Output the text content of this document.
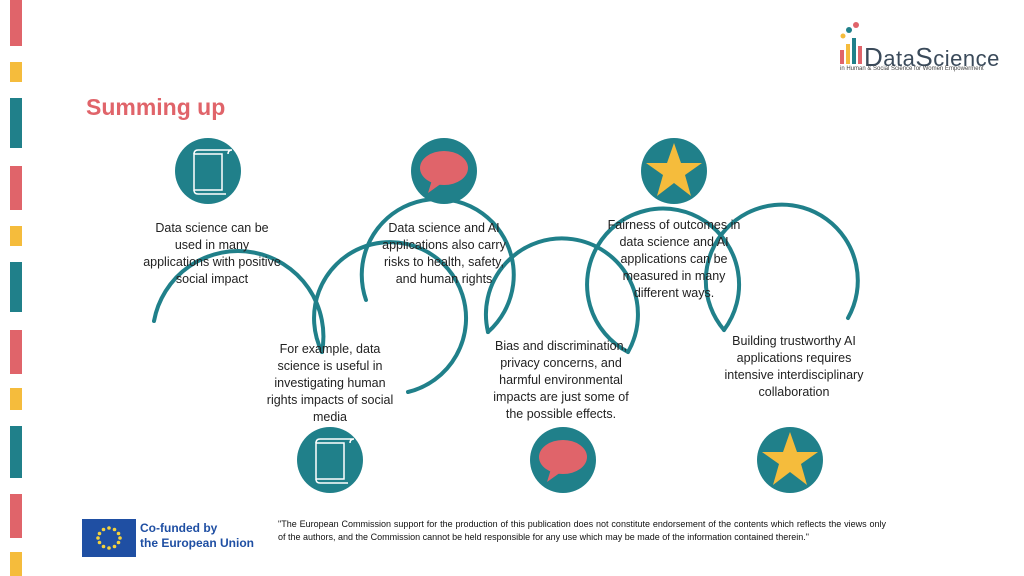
DataScience
in Human & Social Science for Women Empowerment
Summing up
Data science can be used in many applications with positive social impact
For example, data science is useful in investigating human rights impacts of social media
Data science and AI applications also carry risks to health, safety, and human rights
Bias and discrimination, privacy concerns, and harmful environmental impacts are just some of the possible effects.
Fairness of outcomes in data science and AI applications can be measured in many different ways.
Building trustworthy AI applications requires intensive interdisciplinary collaboration
Co-funded by
the European Union
"The European Commission support for the production of this publication does not constitute endorsement of the contents which reflects the views only of the authors, and the Commission cannot be held responsible for any use which may be made of the information contained therein."
